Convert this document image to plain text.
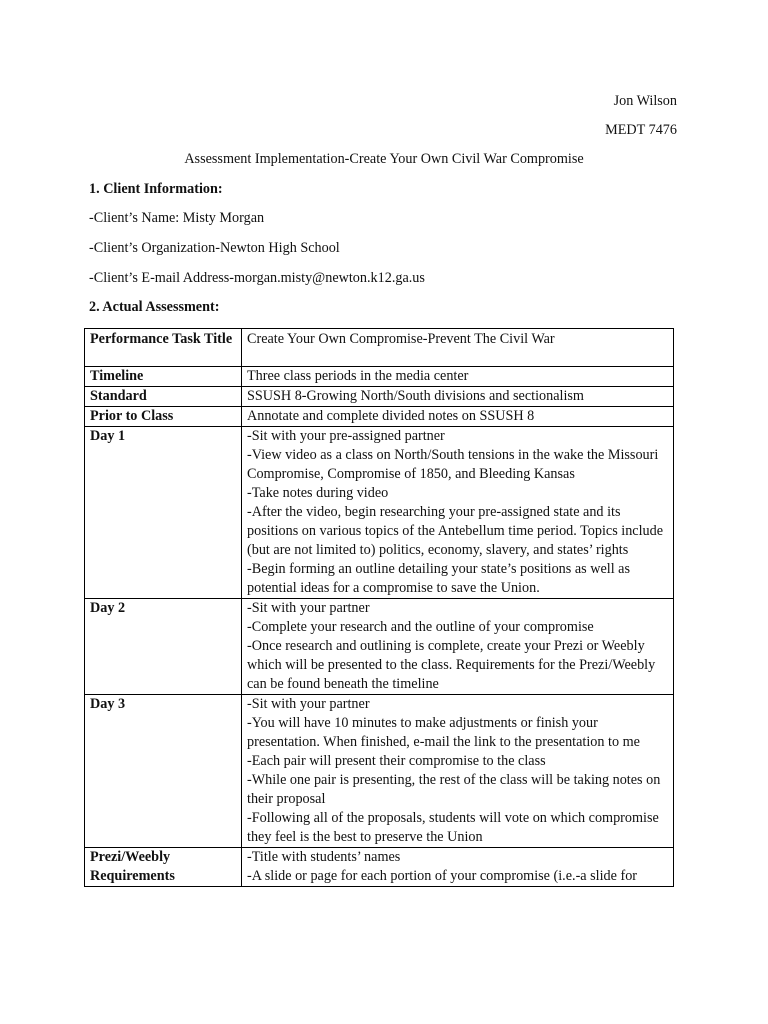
Jon Wilson
MEDT 7476
Assessment Implementation-Create Your Own Civil War Compromise
1. Client Information:
-Client’s Name: Misty Morgan
-Client’s Organization-Newton High School
-Client’s E-mail Address-morgan.misty@newton.k12.ga.us
2. Actual Assessment:
Performance Task Title	Create Your Own Compromise-Prevent The Civil War

Timeline	Three class periods in the media center

Standard	SSUSH 8-Growing North/South divisions and sectionalism

Prior to Class	Annotate and complete divided notes on SSUSH 8

Day 1	-Sit with your pre-assigned partner
-View video as a class on North/South tensions in the wake the Missouri Compromise, Compromise of 1850, and Bleeding Kansas
-Take notes during video
-After the video, begin researching your pre-assigned state and its positions on various topics of the Antebellum time period. Topics include (but are not limited to) politics, economy, slavery, and states’ rights
-Begin forming an outline detailing your state’s positions as well as potential ideas for a compromise to save the Union.

Day 2	-Sit with your partner
-Complete your research and the outline of your compromise
-Once research and outlining is complete, create your Prezi or Weebly which will be presented to the class. Requirements for the Prezi/Weebly can be found beneath the timeline

Day 3	-Sit with your partner
-You will have 10 minutes to make adjustments or finish your presentation. When finished, e-mail the link to the presentation to me
-Each pair will present their compromise to the class
-While one pair is presenting, the rest of the class will be taking notes on their proposal
-Following all of the proposals, students will vote on which compromise they feel is the best to preserve the Union

Prezi/Weebly Requirements	-Title with students’ names
-A slide or page for each portion of your compromise (i.e.-a slide for
